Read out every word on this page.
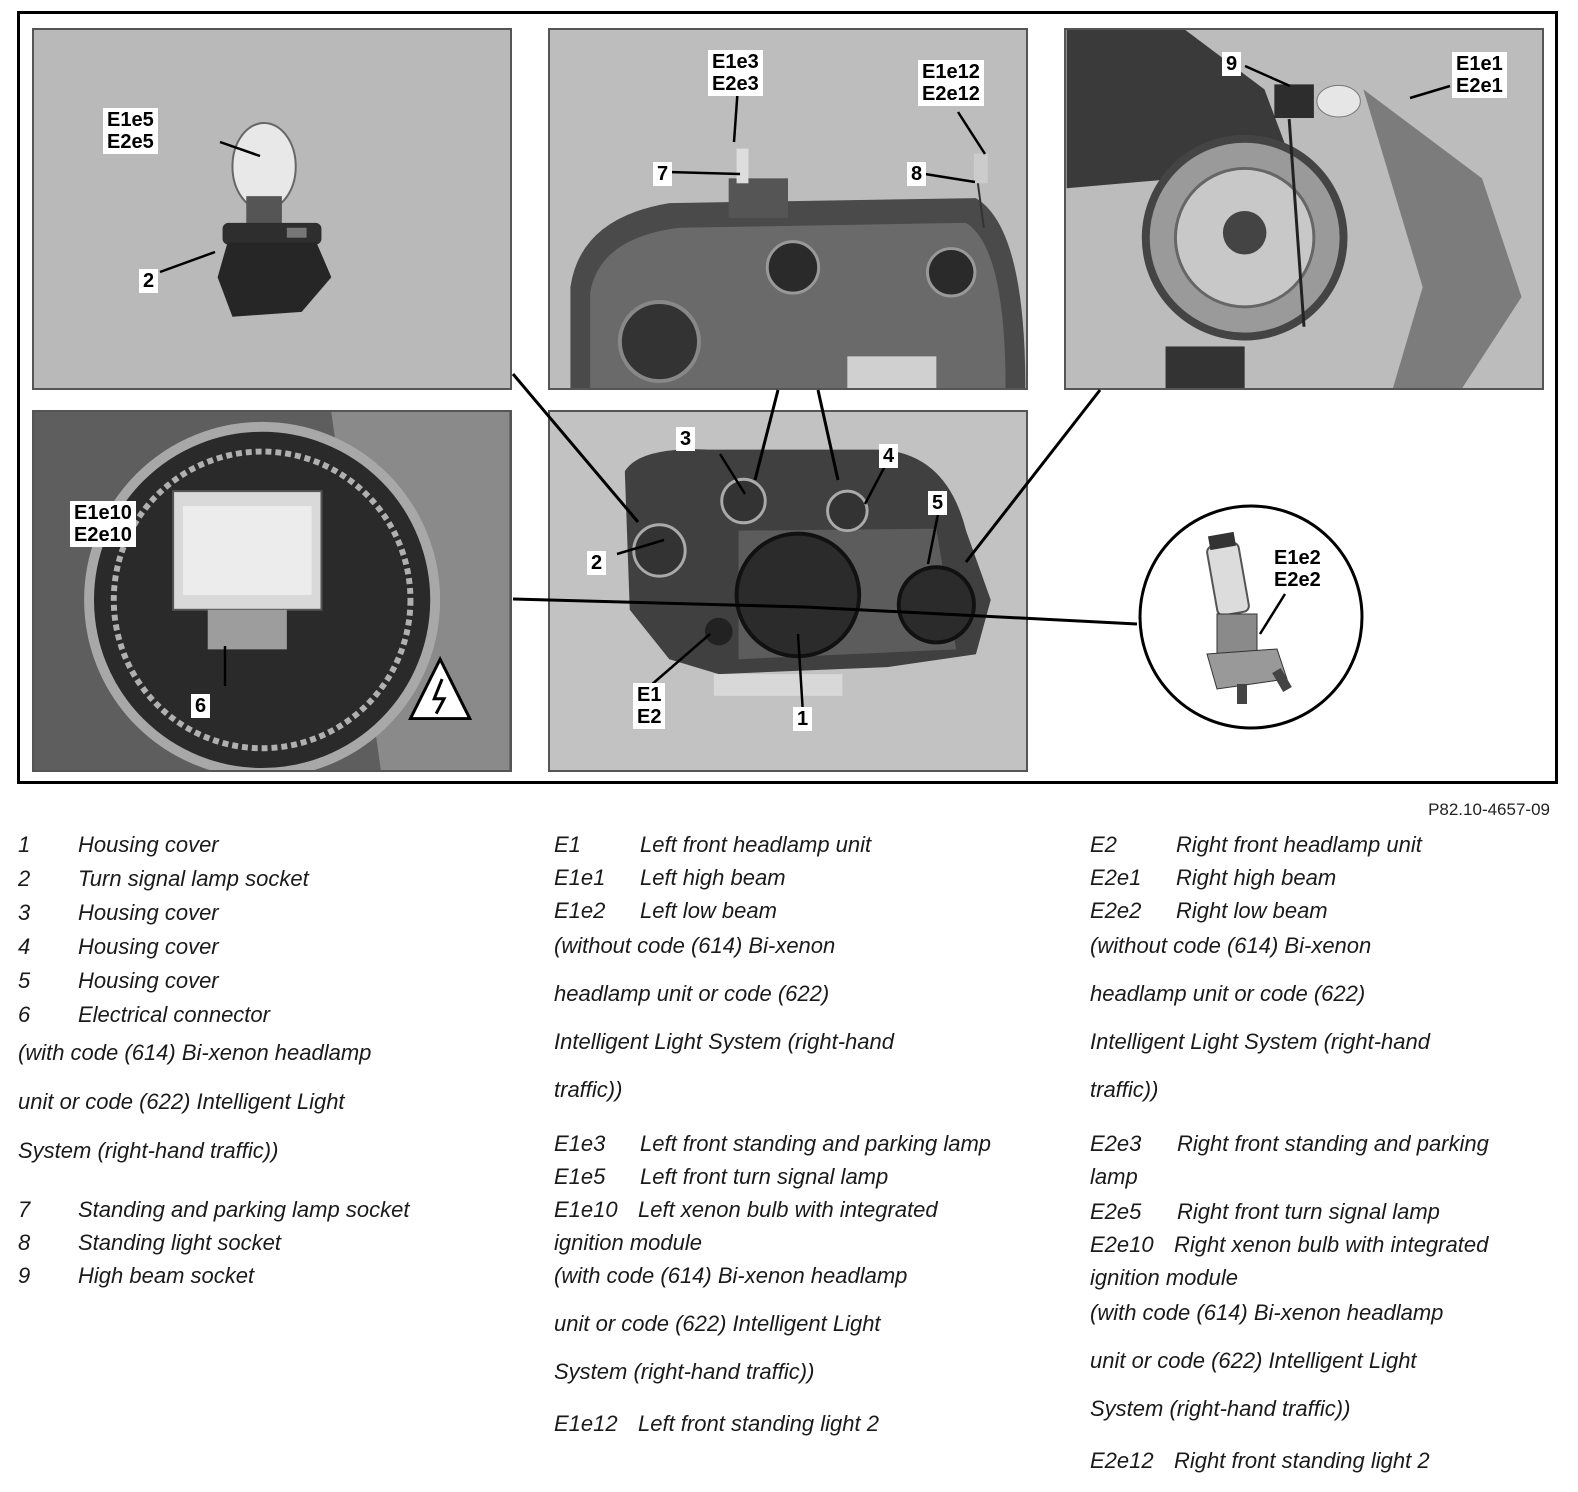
E1e5
E2e5
2
E1e3
E2e3
E1e12
E2e12
7	8
9	E1e1
E2e1
E1e10
E2e10
6
3
4
5
2
E1
E2	1
E1e2
E2e2
P82.10-4657-09
1 Housing cover
2 Turn signal lamp socket
3 Housing cover
4 Housing cover
5 Housing cover
6 Electrical connector
(with code (614) Bi-xenon headlamp
unit or code (622) Intelligent Light
System (right-hand traffic))
7 Standing and parking lamp socket
8 Standing light socket
9 High beam socket
E1	Left front headlamp unit
E1e1 Left high beam
E1e2 Left low beam
(without code (614) Bi-xenon
headlamp unit or code (622)
Intelligent Light System (right-hand
traffic))
E1e3 Left front standing and parking lamp
E1e5 Left front turn signal lamp
E1e10 Left xenon bulb with integrated
ignition module
(with code (614) Bi-xenon headlamp
unit or code (622) Intelligent Light
System (right-hand traffic))
E1e12 Left front standing light 2
E2	Right front headlamp unit
E2e1 Right high beam
E2e2 Right low beam
(without code (614) Bi-xenon
headlamp unit or code (622)
Intelligent Light System (right-hand
traffic))
E2e3 Right front standing and parking
lamp
E2e5 Right front turn signal lamp
E2e10 Right xenon bulb with integrated
ignition module
(with code (614) Bi-xenon headlamp
unit or code (622) Intelligent Light
System (right-hand traffic))
E2e12 Right front standing light 2
